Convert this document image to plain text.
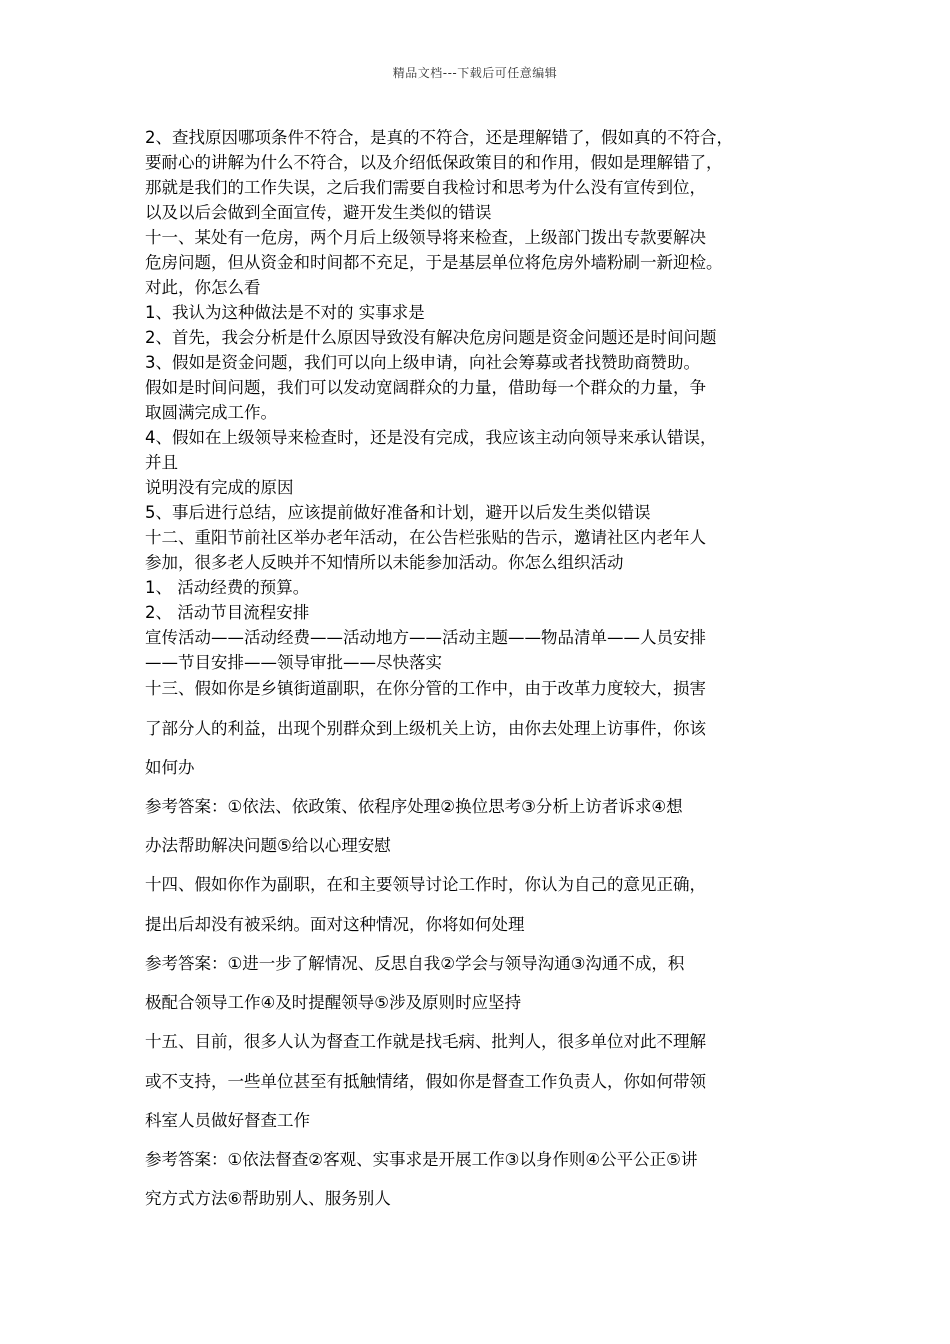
精品文档---下载后可任意编辑
2、查找原因哪项条件不符合，是真的不符合，还是理解错了，假如真的不符合，
要耐心的讲解为什么不符合，以及介绍低保政策目的和作用，假如是理解错了，
那就是我们的工作失误，之后我们需要自我检讨和思考为什么没有宣传到位，
以及以后会做到全面宣传，避开发生类似的错误
十一、某处有一危房，两个月后上级领导将来检查，上级部门拨出专款要解决
危房问题，但从资金和时间都不充足，于是基层单位将危房外墙粉刷一新迎检。
对此，你怎么看
1、我认为这种做法是不对的 实事求是
2、首先，我会分析是什么原因导致没有解决危房问题是资金问题还是时间问题
3、假如是资金问题，我们可以向上级申请，向社会筹募或者找赞助商赞助。
假如是时间问题，我们可以发动宽阔群众的力量，借助每一个群众的力量，争
取圆满完成工作。
4、假如在上级领导来检查时，还是没有完成，我应该主动向领导来承认错误，
并且
说明没有完成的原因
5、事后进行总结，应该提前做好准备和计划，避开以后发生类似错误
十二、重阳节前社区举办老年活动，在公告栏张贴的告示，邀请社区内老年人
参加，很多老人反映并不知情所以未能参加活动。你怎么组织活动
1、 活动经费的预算。
2、 活动节目流程安排
宣传活动——活动经费——活动地方——活动主题——物品清单——人员安排
——节目安排——领导审批——尽快落实
十三、假如你是乡镇街道副职，在你分管的工作中，由于改革力度较大，损害
了部分人的利益，出现个别群众到上级机关上访，由你去处理上访事件，你该
如何办
参考答案：①依法、依政策、依程序处理②换位思考③分析上访者诉求④想
办法帮助解决问题⑤给以心理安慰
十四、假如你作为副职，在和主要领导讨论工作时，你认为自己的意见正确，
提出后却没有被采纳。面对这种情况，你将如何处理
参考答案：①进一步了解情况、反思自我②学会与领导沟通③沟通不成，积
极配合领导工作④及时提醒领导⑤涉及原则时应坚持
十五、目前，很多人认为督查工作就是找毛病、批判人，很多单位对此不理解
或不支持，一些单位甚至有抵触情绪，假如你是督查工作负责人，你如何带领
科室人员做好督查工作
参考答案：①依法督查②客观、实事求是开展工作③以身作则④公平公正⑤讲
究方式方法⑥帮助别人、服务别人
